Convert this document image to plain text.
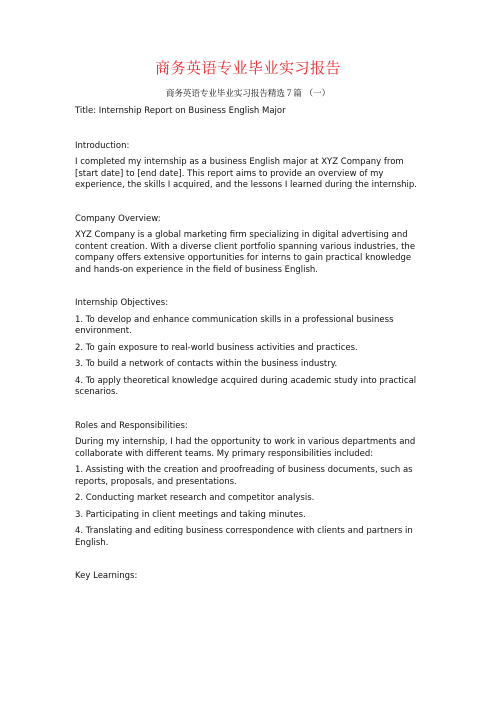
商务英语专业毕业实习报告
商务英语专业毕业实习报告精选７篇 （一）

Title: Internship Report on Business English Major

Introduction:

I completed my internship as a business English major at XYZ Company from [start date] to [end date]. This report aims to provide an overview of my experience, the skills I acquired, and the lessons I learned during the internship.

Company Overview:

XYZ Company is a global marketing firm specializing in digital advertising and content creation. With a diverse client portfolio spanning various industries, the company offers extensive opportunities for interns to gain practical knowledge and hands-on experience in the field of business English.

Internship Objectives:

1. To develop and enhance communication skills in a professional business environment.

2. To gain exposure to real-world business activities and practices.

3. To build a network of contacts within the business industry.

4. To apply theoretical knowledge acquired during academic study into practical scenarios.

Roles and Responsibilities:

During my internship, I had the opportunity to work in various departments and collaborate with different teams. My primary responsibilities included:

1. Assisting with the creation and proofreading of business documents, such as reports, proposals, and presentations.

2. Conducting market research and competitor analysis.

3. Participating in client meetings and taking minutes.

4. Translating and editing business correspondence with clients and partners in English.

Key Learnings:
